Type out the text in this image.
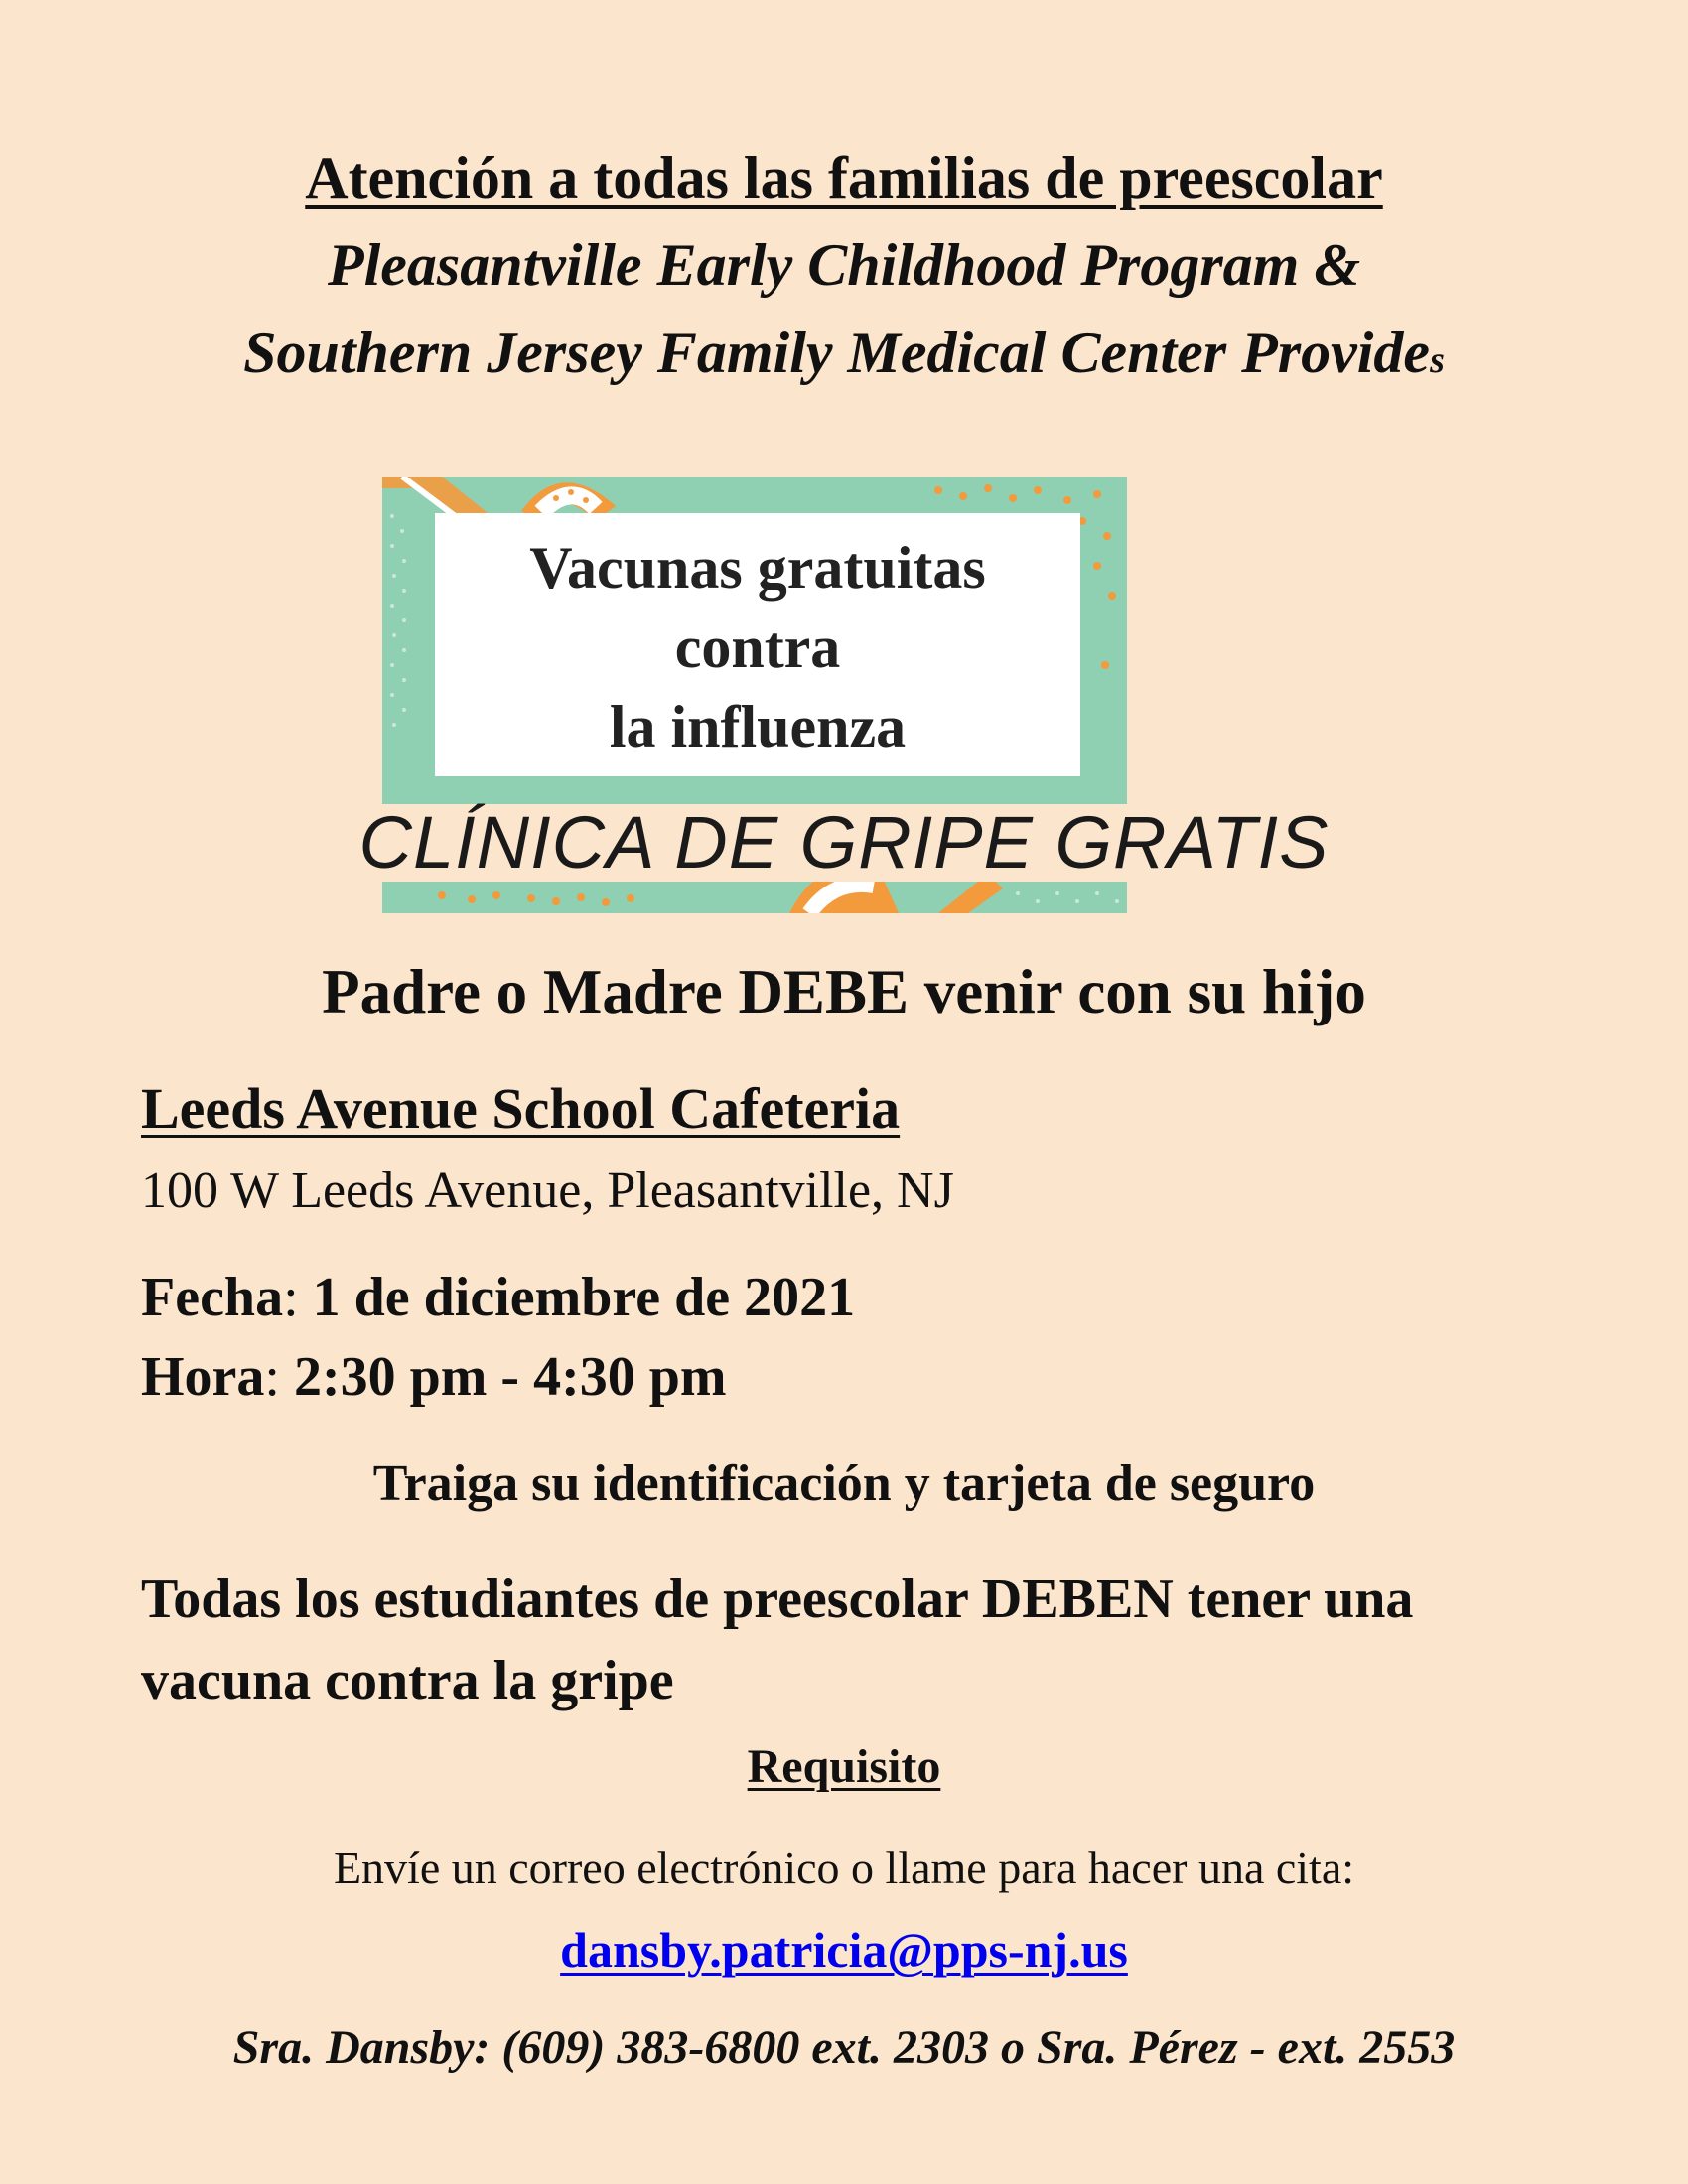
Atención a todas las familias de preescolar
Pleasantville Early Childhood Program &
Southern Jersey Family Medical Center Provides
Vacunas gratuitas
contra
la influenza
CLÍNICA DE GRIPE GRATIS
Padre o Madre DEBE venir con su hijo
Leeds Avenue School Cafeteria
100 W Leeds Avenue, Pleasantville, NJ
Fecha: 1 de diciembre de 2021
Hora: 2:30 pm - 4:30 pm
Traiga su identificación y tarjeta de seguro
Todas los estudiantes de preescolar DEBEN tener una vacuna contra la gripe
Requisito
Envíe un correo electrónico o llame para hacer una cita:
dansby.patricia@pps-nj.us
Sra. Dansby: (609) 383-6800 ext. 2303 o Sra. Pérez - ext. 2553
